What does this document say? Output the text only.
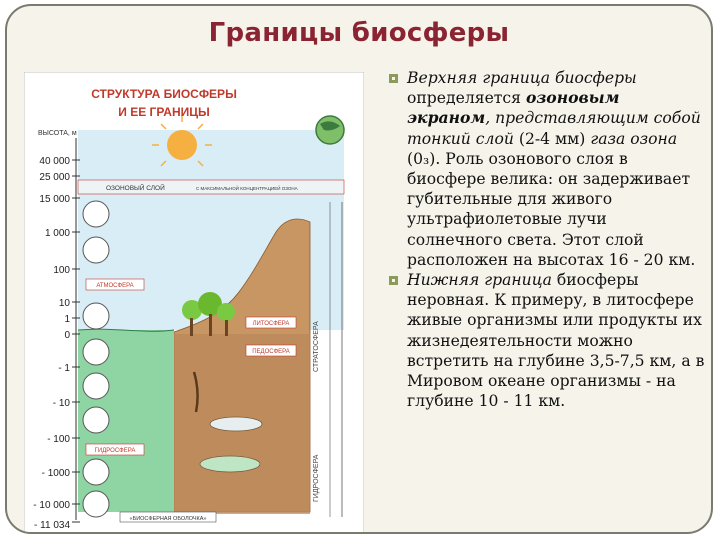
Границы биосферы
СТРУКТУРА БИОСФЕРЫ
И ЕЕ ГРАНИЦЫ
ВЫСОТА, м
ОЗОНОВЫЙ СЛОЙ	С МАКСИМАЛЬНОЙ КОНЦЕНТРАЦИЕЙ ОЗОНА
АТМОСФЕРА
ЛИТОСФЕРА
ПЕДОСФЕРА
ГИДРОСФЕРА
СТРАТОСФЕРА
ГИДРОСФЕРА
40 000
25 000
15 000
1 000
100
10
1
0
- 1
- 10
- 100
- 1000
- 10 000
- 11 034
«БИОСФЕРНАЯ ОБОЛОЧКА»

Верхняя граница биосферы определяется озоновым экраном, представляющим собой тонкий слой (2-4 мм) газа озона (0₃). Роль озонового слоя в биосфере велика: он задерживает губительные для живого ультрафиолетовые лучи солнечного света. Этот слой расположен на высотах 16 - 20 км.

Нижняя граница биосферы неровная. К примеру, в литосфере живые организмы или продукты их жизнедеятельности можно встретить на глубине 3,5-7,5 км, а в Мировом океане организмы - на глубине 10 - 11 км.
